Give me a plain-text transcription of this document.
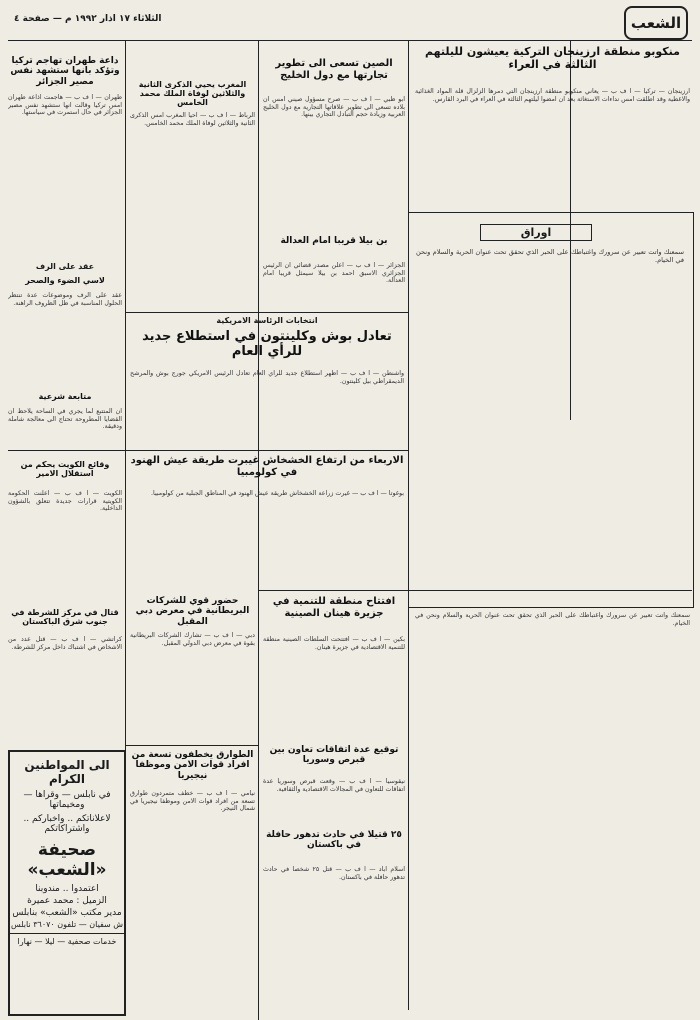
الشعب
الثلاثاء ١٧ اذار ١٩٩٢ م — صفحة ٤
منكوبو منطقة ارزينجان التركية يعيشون لليلتهم الثالثة في العراء
ارزينجان — تركيا — ا ف ب — يعاني منكوبو منطقة ارزينجان التي دمرها الزلزال قلة المواد الغذائية والاغطية وقد اطلقت امس نداءات الاستغاثة بعد ان امضوا ليلتهم الثالثة في العراء في البرد القارس.
اوراق
سمعنك واتت تعبير عن سرورك واغتباطك على الحبر الذي تحقق تحت عنوان الحرية والسلام ونحن في الخيام.
الصين تسعى الى تطوير تجارتها مع دول الخليج
ابو ظبي — ا ف ب — صرح مسؤول صيني امس ان بلاده تسعى الى تطوير علاقاتها التجارية مع دول الخليج العربية وزيادة حجم التبادل التجاري بينها.
المغرب يحيي الذكرى الثانية والثلاثين لوفاة الملك محمد الخامس
الرباط — ا ف ب — احيا المغرب امس الذكرى الثانية والثلاثين لوفاة الملك محمد الخامس.
داعة طهران تهاجم تركيا وتؤكد بانها ستشهد نفس مصير الجزائر
طهران — ا ف ب — هاجمت اذاعة طهران امس تركيا وقالت انها ستشهد نفس مصير الجزائر في حال استمرت في سياستها.
عقد على الرف
لاسي الضوء والصحر
عقد على الرف وموضوعات عدة تنتظر الحلول المناسبة في ظل الظروف الراهنة.
انتخابات الرئاسة الامريكية
تعادل بوش وكلينتون في استطلاع جديد للرأي العام
واشنطن — ا ف ب — اظهر استطلاع جديد للرأي العام تعادل الرئيس الامريكي جورج بوش والمرشح الديمقراطي بيل كلينتون.
بن بيلا قريبا امام العدالة
الجزائر — ا ف ب — اعلن مصدر قضائي ان الرئيس الجزائري الاسبق احمد بن بيلا سيمثل قريبا امام العدالة.
الاربعاء من ارتفاع الخشخاش غيبرت طريقة عيش الهنود في كولومبيا
بوغوتا — ا ف ب — غيرت زراعة الخشخاش طريقة عيش الهنود في المناطق الجبلية من كولومبيا.
وقائع الكويت يحكم من استقلال الامير
الكويت — ا ف ب — اعلنت الحكومة الكويتية قرارات جديدة تتعلق بالشؤون الداخلية.
متابعة شرعية
ان المتتبع لما يجري في الساحة يلاحظ ان القضايا المطروحة تحتاج الى معالجة شاملة ودقيقة.
افتتاح منطقة للتنمية في جزيرة هينان الصينية
بكين — ا ف ب — افتتحت السلطات الصينية منطقة للتنمية الاقتصادية في جزيرة هينان.
حضور قوي للشركات البريطانية في معرض دبي المقبل
دبي — ا ف ب — تشارك الشركات البريطانية بقوة في معرض دبي الدولي المقبل.
قتال في مركز للشرطة في جنوب شرق الباكستان
كراتشي — ا ف ب — قتل عدد من الاشخاص في اشتباك داخل مركز للشرطة.
سمعنك واتت تعبير عن سرورك واغتباطك على الحبر الذي تحقق تحت عنوان الحرية والسلام ونحن في الخيام.
توقيع عدة اتفاقات تعاون بين قبرص وسوريا
نيقوسيا — ا ف ب — وقعت قبرص وسوريا عدة اتفاقات للتعاون في المجالات الاقتصادية والثقافية.
الطوارق يخطفون تسعة من افراد قوات الامن وموظفا نيجيريا
نيامي — ا ف ب — خطف متمردون طوارق تسعة من افراد قوات الامن وموظفا نيجيريا في شمال النيجر.
٢٥ قتيلا في حادث تدهور حافلة في باكستان
اسلام اباد — ا ف ب — قتل ٢٥ شخصا في حادث تدهور حافلة في باكستان.
الى المواطنين الكرام
في نابلس — وقراها — ومخيماتها
لاعلاناتكم .. واخباركم .. واشتراكاتكم
صحيفة «الشعب»
اعتمدوا .. مندوبنا
الزميل : محمد عميرة
مدير مكتب «الشعب» بنابلس
ش سفيان — تلفون ٣٦٠٧٠ نابلس
خدمات صحفية — ليلا — نهارا
